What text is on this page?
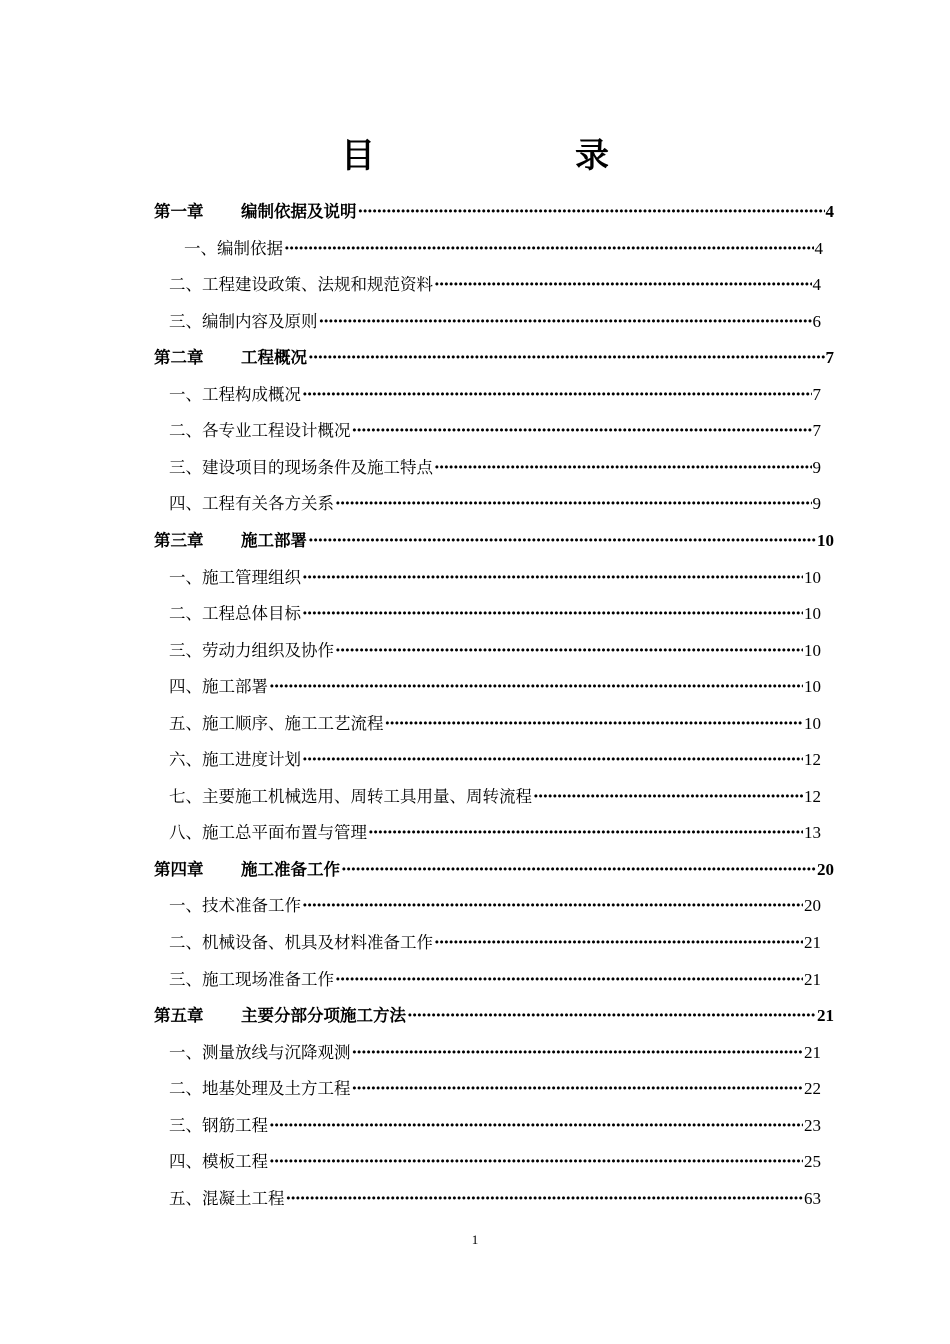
目　　录
第一章	编制依据及说明 ·····	4
一、编制依据 ·····	4
二、工程建设政策、法规和规范资料 ·····	4
三、编制内容及原则 ·····	6
第二章	工程概况 ·····	7
一、工程构成概况 ·····	7
二、各专业工程设计概况 ·····	7
三、建设项目的现场条件及施工特点 ·····	9
四、工程有关各方关系 ·····	9
第三章	施工部署 ·····	10
一、施工管理组织 ·····	10
二、工程总体目标 ·····	10
三、劳动力组织及协作 ·····	10
四、施工部署 ·····	10
五、施工顺序、施工工艺流程 ·····	10
六、施工进度计划 ·····	12
七、主要施工机械选用、周转工具用量、周转流程 ·····	12
八、施工总平面布置与管理 ·····	13
第四章	施工准备工作 ·····	20
一、技术准备工作 ·····	20
二、机械设备、机具及材料准备工作 ·····	21
三、施工现场准备工作 ·····	21
第五章	主要分部分项施工方法 ·····	21
一、测量放线与沉降观测 ·····	21
二、地基处理及土方工程 ·····	22
三、钢筋工程 ·····	23
四、模板工程 ·····	25
五、混凝土工程 ·····	63
1
